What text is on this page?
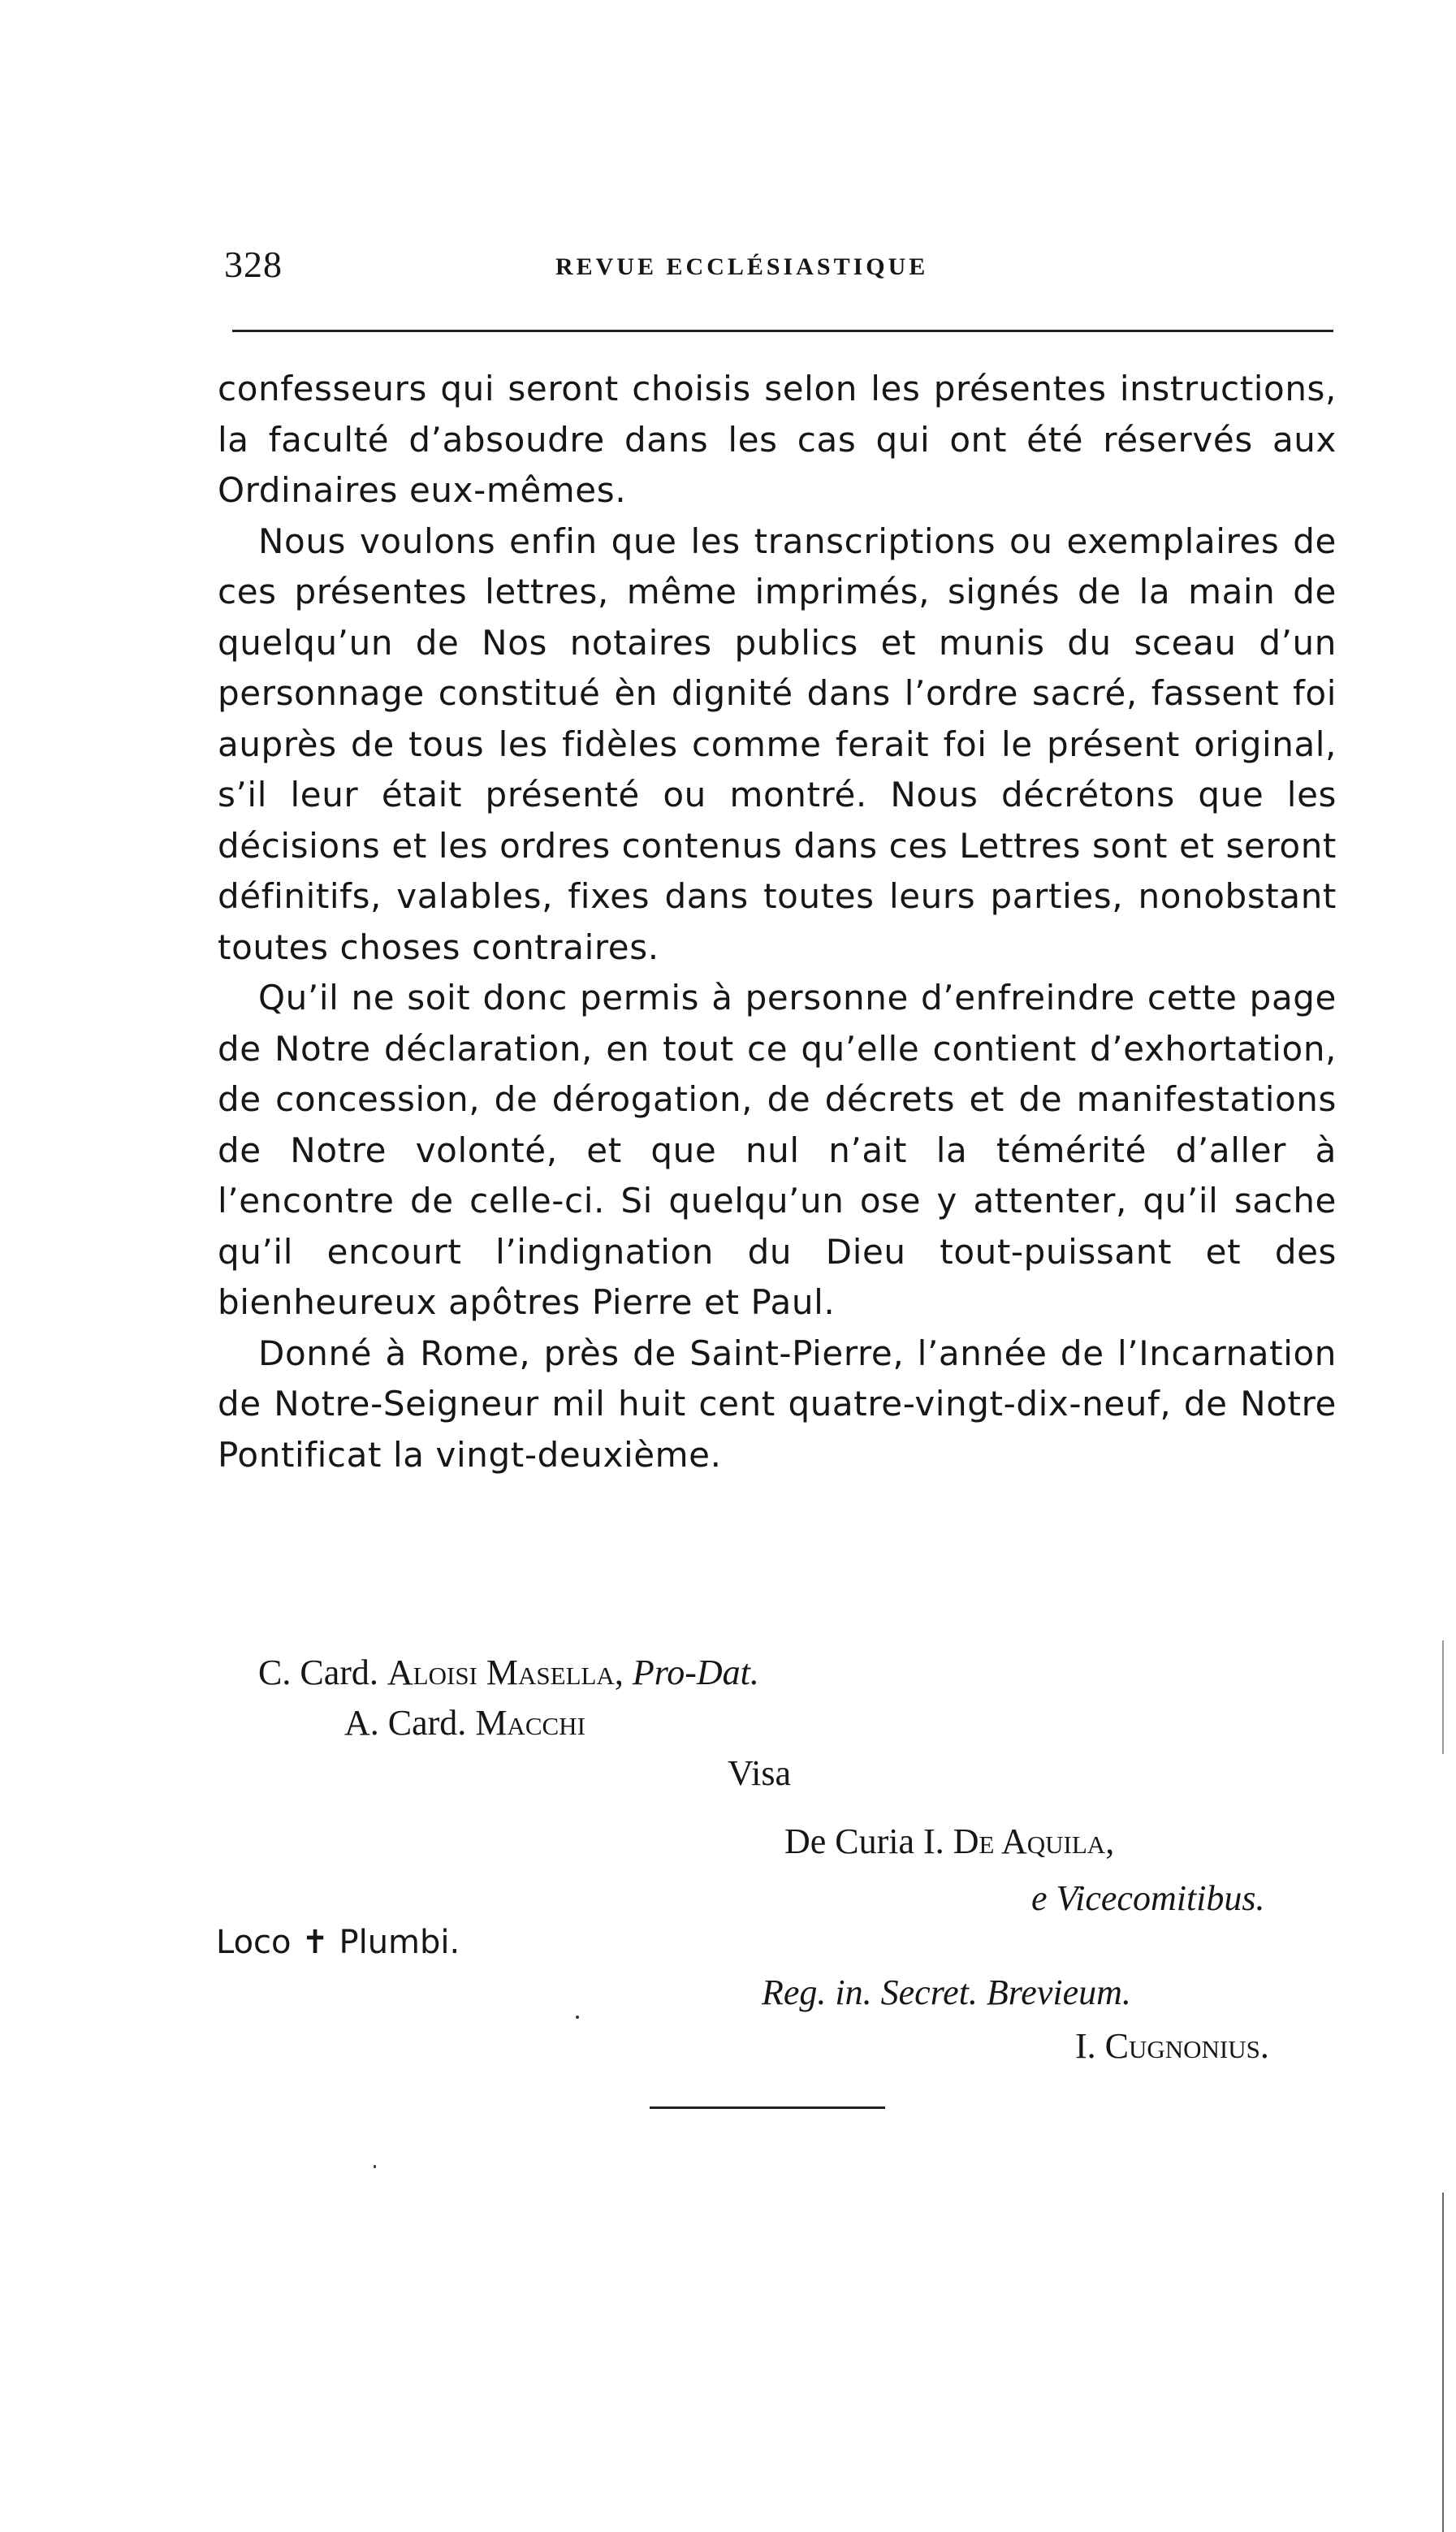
328	REVUE ECCLÉSIASTIQUE

confesseurs qui seront choisis selon les présentes instructions, la faculté d’absoudre dans les cas qui ont été réservés aux Ordinaires eux-mêmes.

Nous voulons enfin que les transcriptions ou exemplaires de ces présentes lettres, même imprimés, signés de la main de quelqu’un de Nos notaires publics et munis du sceau d’un personnage constitué èn dignité dans l’ordre sacré, fassent foi auprès de tous les fidèles comme ferait foi le présent original, s’il leur était présenté ou montré. Nous décrétons que les décisions et les ordres contenus dans ces Lettres sont et seront définitifs, valables, fixes dans toutes leurs parties, nonobstant toutes choses contraires.

Qu’il ne soit donc permis à personne d’enfreindre cette page de Notre déclaration, en tout ce qu’elle contient d’exhortation, de concession, de dérogation, de décrets et de manifestations de Notre volonté, et que nul n’ait la témérité d’aller à l’encontre de celle-ci. Si quelqu’un ose y attenter, qu’il sache qu’il encourt l’indignation du Dieu tout-puissant et des bienheureux apôtres Pierre et Paul.

Donné à Rome, près de Saint-Pierre, l’année de l’Incarnation de Notre-Seigneur mil huit cent quatre-vingt-dix-neuf, de Notre Pontificat la vingt-deuxième.

C. Card. Aloisi Masella, Pro-Dat.
A. Card. Macchi
Visa
De Curia I. De Aquila,
e Vicecomitibus.
Loco ✝ Plumbi.
Reg. in. Secret. Brevieum.
I. Cugnonius.
